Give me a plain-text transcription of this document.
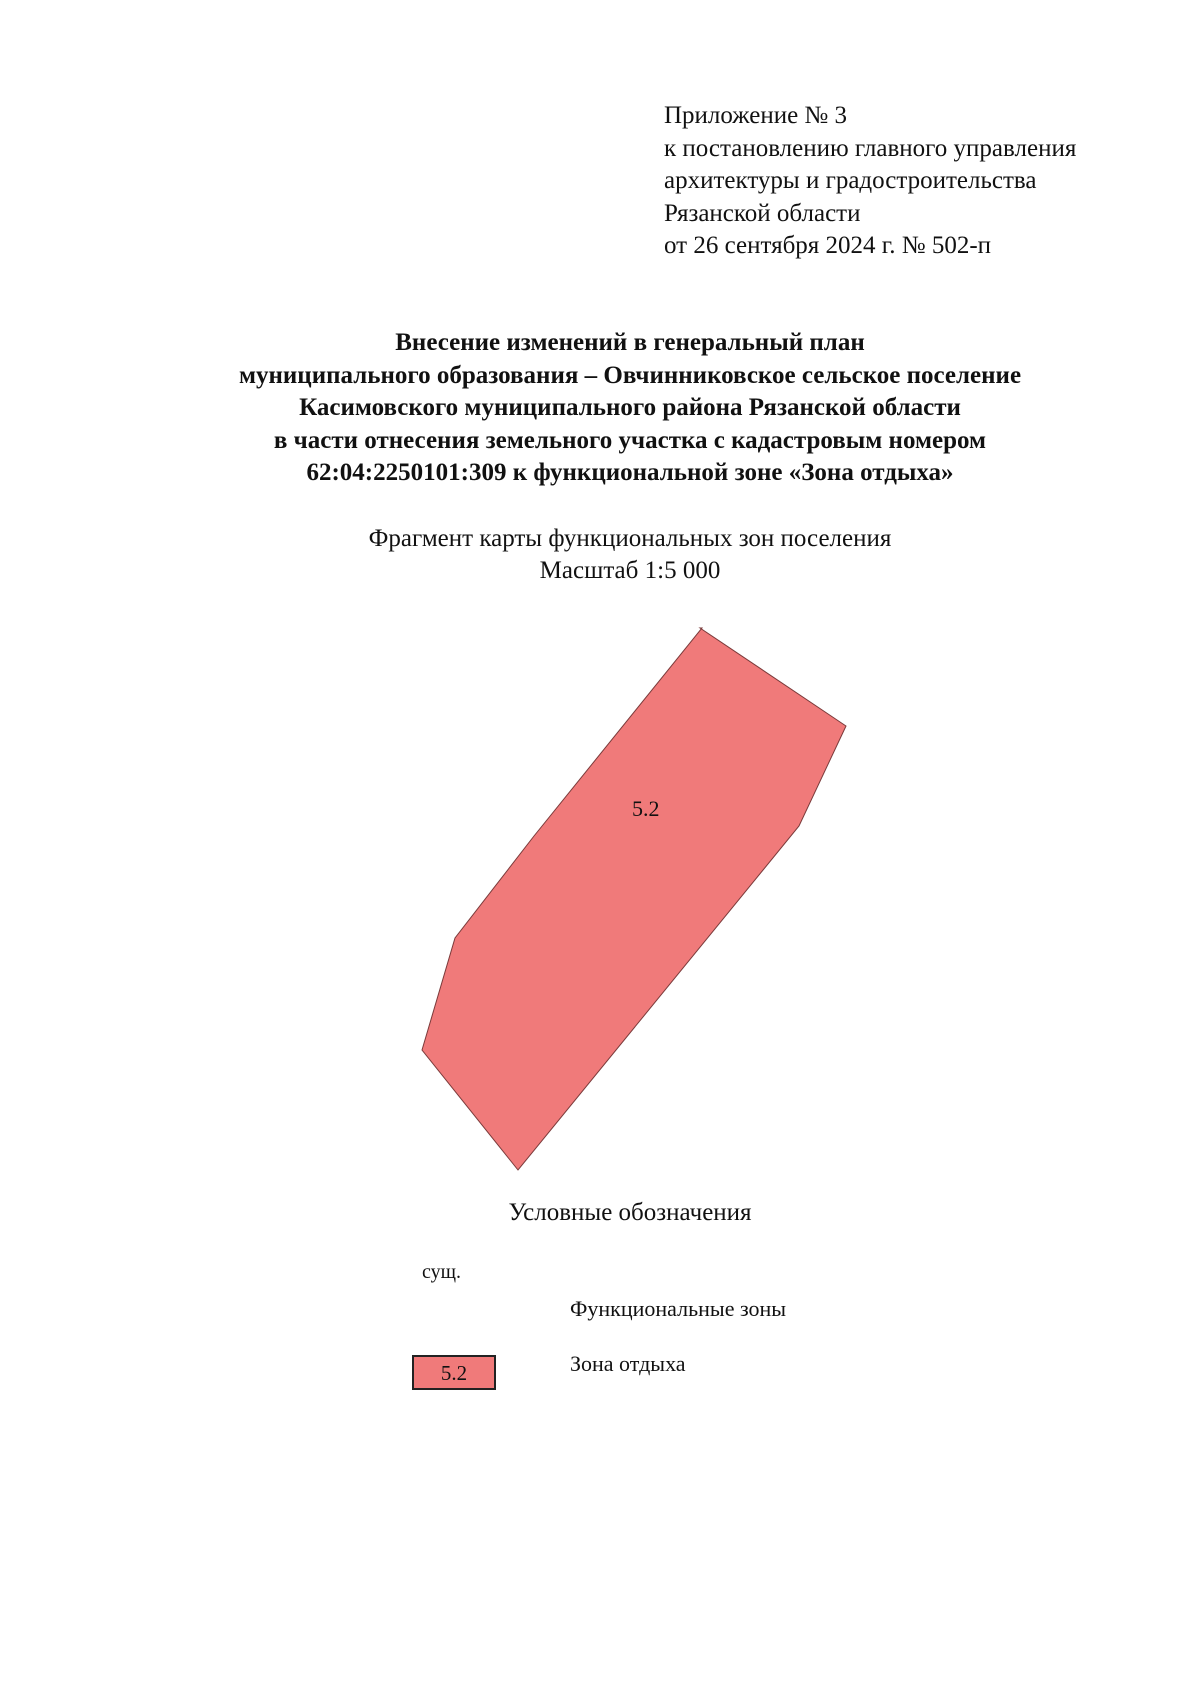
Приложение № 3
к постановлению главного управления
архитектуры и градостроительства
Рязанской области
от 26 сентября 2024 г. № 502-п
Внесение изменений в генеральный план
муниципального образования – Овчинниковское сельское поселение
Касимовского муниципального района Рязанской области
в части отнесения земельного участка с кадастровым номером
62:04:2250101:309 к функциональной зоне «Зона отдыха»
Фрагмент карты функциональных зон поселения
Масштаб 1:5 000
5.2
Условные обозначения
сущ.
Функциональные зоны
5.2	Зона отдыха
